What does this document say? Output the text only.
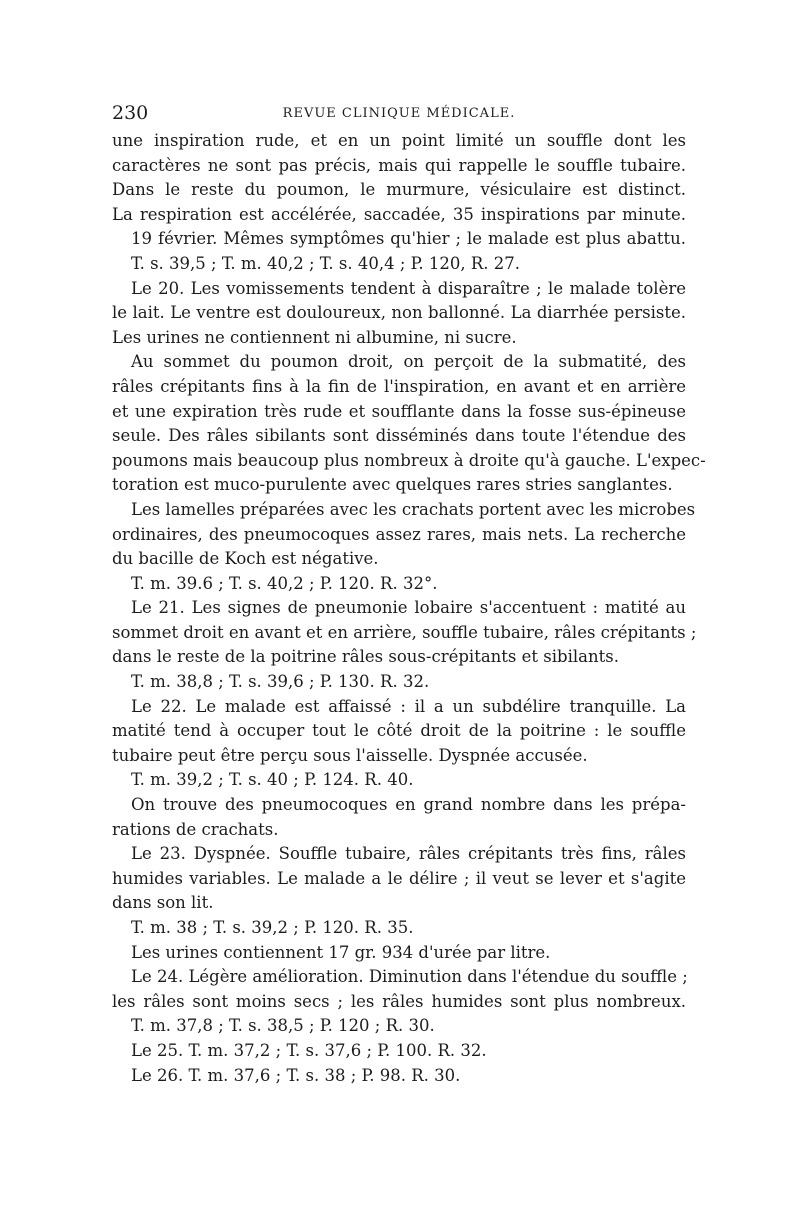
230	REVUE CLINIQUE MÉDICALE.
une inspiration rude, et en un point limité un souffle dont les
caractères ne sont pas précis, mais qui rappelle le souffle tubaire.
Dans le reste du poumon, le murmure, vésiculaire est distinct.
La respiration est accélérée, saccadée, 35 inspirations par minute.
19 février. Mêmes symptômes qu'hier ; le malade est plus abattu.
T. s. 39,5 ; T. m. 40,2 ; T. s. 40,4 ; P. 120, R. 27.
Le 20. Les vomissements tendent à disparaître ; le malade tolère
le lait. Le ventre est douloureux, non ballonné. La diarrhée persiste.
Les urines ne contiennent ni albumine, ni sucre.
Au sommet du poumon droit, on perçoit de la submatité, des
râles crépitants fins à la fin de l'inspiration, en avant et en arrière
et une expiration très rude et soufflante dans la fosse sus-épineuse
seule. Des râles sibilants sont disséminés dans toute l'étendue des
poumons mais beaucoup plus nombreux à droite qu'à gauche. L'expec-
toration est muco-purulente avec quelques rares stries sanglantes.
Les lamelles préparées avec les crachats portent avec les microbes
ordinaires, des pneumocoques assez rares, mais nets. La recherche
du bacille de Koch est négative.
T. m. 39.6 ; T. s. 40,2 ; P. 120. R. 32°.
Le 21. Les signes de pneumonie lobaire s'accentuent : matité au
sommet droit en avant et en arrière, souffle tubaire, râles crépitants ;
dans le reste de la poitrine râles sous-crépitants et sibilants.
T. m. 38,8 ; T. s. 39,6 ; P. 130. R. 32.
Le 22. Le malade est affaissé : il a un subdélire tranquille. La
matité tend à occuper tout le côté droit de la poitrine : le souffle
tubaire peut être perçu sous l'aisselle. Dyspnée accusée.
T. m. 39,2 ; T. s. 40 ; P. 124. R. 40.
On trouve des pneumocoques en grand nombre dans les prépa-
rations de crachats.
Le 23. Dyspnée. Souffle tubaire, râles crépitants très fins, râles
humides variables. Le malade a le délire ; il veut se lever et s'agite
dans son lit.
T. m. 38 ; T. s. 39,2 ; P. 120. R. 35.
Les urines contiennent 17 gr. 934 d'urée par litre.
Le 24. Légère amélioration. Diminution dans l'étendue du souffle ;
les râles sont moins secs ; les râles humides sont plus nombreux.
T. m. 37,8 ; T. s. 38,5 ; P. 120 ; R. 30.
Le 25. T. m. 37,2 ; T. s. 37,6 ; P. 100. R. 32.
Le 26. T. m. 37,6 ; T. s. 38 ; P. 98. R. 30.
